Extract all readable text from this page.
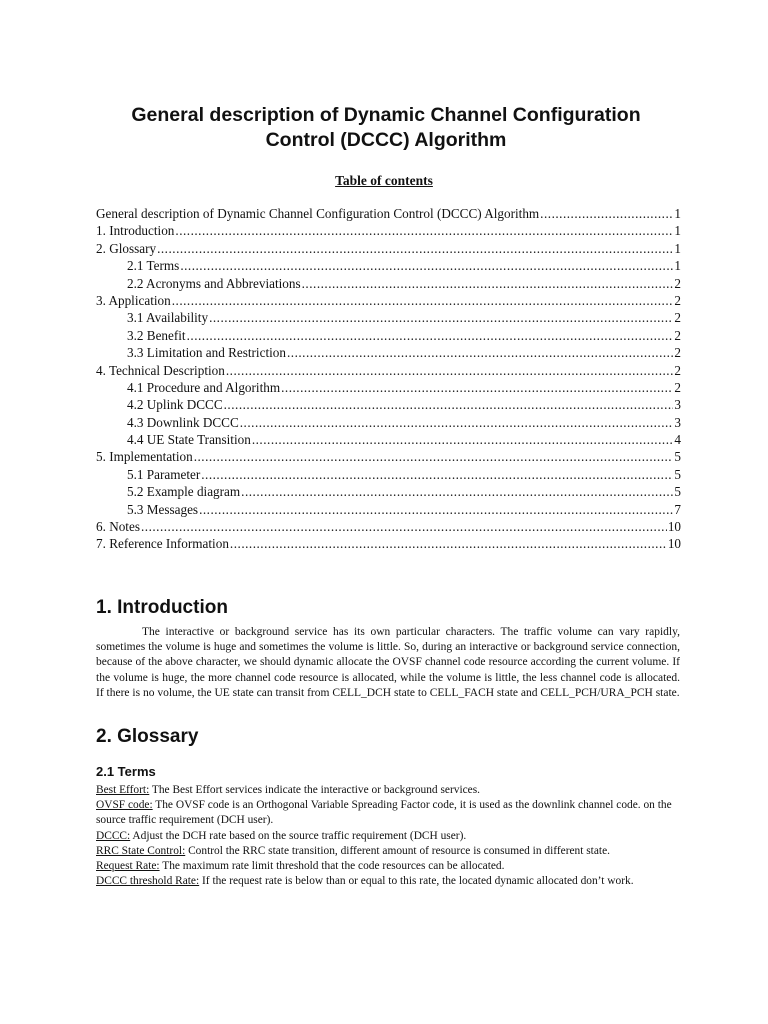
General description of Dynamic Channel Configuration Control (DCCC) Algorithm

Table of contents

General description of Dynamic Channel Configuration Control (DCCC) Algorithm .....	1
1. Introduction .....	1
2. Glossary .....	1
2.1 Terms .....	1
2.2 Acronyms and Abbreviations .....	2
3. Application .....	2
3.1 Availability .....	2
3.2 Benefit .....	2
3.3 Limitation and Restriction .....	2
4. Technical Description .....	2
4.1 Procedure and Algorithm .....	2
4.2 Uplink DCCC .....	3
4.3 Downlink DCCC .....	3
4.4 UE State Transition .....	4
5. Implementation .....	5
5.1 Parameter .....	5
5.2 Example diagram .....	5
5.3 Messages .....	7
6. Notes .....	10
7. Reference Information .....	10
1. Introduction

The interactive or background service has its own particular characters. The traffic volume can vary rapidly, sometimes the volume is huge and sometimes the volume is little. So, during an interactive or background service connection, because of the above character, we should dynamic allocate the OVSF channel code resource according the current volume. If the volume is huge, the more channel code resource is allocated, while the volume is little, the less channel code is allocated. If there is no volume, the UE state can transit from CELL_DCH state to CELL_FACH state and CELL_PCH/URA_PCH state.

2. Glossary
2.1 Terms

Best Effort: The Best Effort services indicate the interactive or background services.

OVSF code: The OVSF code is an Orthogonal Variable Spreading Factor code, it is used as the downlink channel code. on the source traffic requirement (DCH user).

DCCC: Adjust the DCH rate based on the source traffic requirement (DCH user).

RRC State Control: Control the RRC state transition, different amount of resource is consumed in different state.

Request Rate: The maximum rate limit threshold that the code resources can be allocated.

DCCC threshold Rate: If the request rate is below than or equal to this rate, the located dynamic allocated don’t work.
